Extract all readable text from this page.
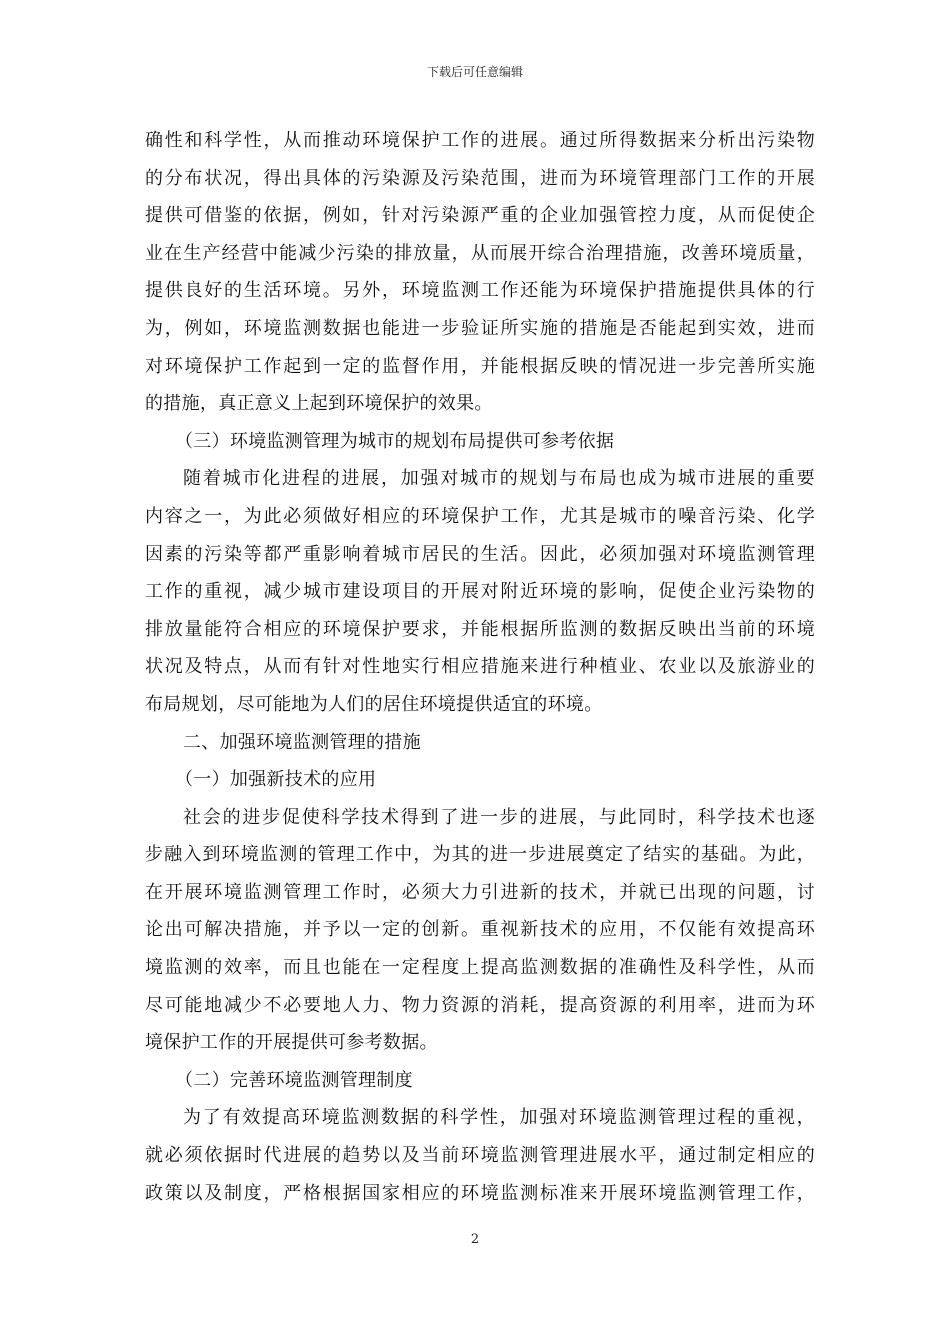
下载后可任意编辑
确性和科学性，从而推动环境保护工作的进展。通过所得数据来分析出污染物
的分布状况，得出具体的污染源及污染范围，进而为环境管理部门工作的开展
提供可借鉴的依据，例如，针对污染源严重的企业加强管控力度，从而促使企
业在生产经营中能减少污染的排放量，从而展开综合治理措施，改善环境质量，
提供良好的生活环境。另外，环境监测工作还能为环境保护措施提供具体的行
为，例如，环境监测数据也能进一步验证所实施的措施是否能起到实效，进而
对环境保护工作起到一定的监督作用，并能根据反映的情况进一步完善所实施
的措施，真正意义上起到环境保护的效果。
（三）环境监测管理为城市的规划布局提供可参考依据
随着城市化进程的进展，加强对城市的规划与布局也成为城市进展的重要
内容之一，为此必须做好相应的环境保护工作，尤其是城市的噪音污染、化学
因素的污染等都严重影响着城市居民的生活。因此，必须加强对环境监测管理
工作的重视，减少城市建设项目的开展对附近环境的影响，促使企业污染物的
排放量能符合相应的环境保护要求，并能根据所监测的数据反映出当前的环境
状况及特点，从而有针对性地实行相应措施来进行种植业、农业以及旅游业的
布局规划，尽可能地为人们的居住环境提供适宜的环境。
二、加强环境监测管理的措施
（一）加强新技术的应用
社会的进步促使科学技术得到了进一步的进展，与此同时，科学技术也逐
步融入到环境监测的管理工作中，为其的进一步进展奠定了结实的基础。为此，
在开展环境监测管理工作时，必须大力引进新的技术，并就已出现的问题，讨
论出可解决措施，并予以一定的创新。重视新技术的应用，不仅能有效提高环
境监测的效率，而且也能在一定程度上提高监测数据的准确性及科学性，从而
尽可能地减少不必要地人力、物力资源的消耗，提高资源的利用率，进而为环
境保护工作的开展提供可参考数据。
（二）完善环境监测管理制度
为了有效提高环境监测数据的科学性，加强对环境监测管理过程的重视，
就必须依据时代进展的趋势以及当前环境监测管理进展水平，通过制定相应的
政策以及制度，严格根据国家相应的环境监测标准来开展环境监测管理工作，
2
